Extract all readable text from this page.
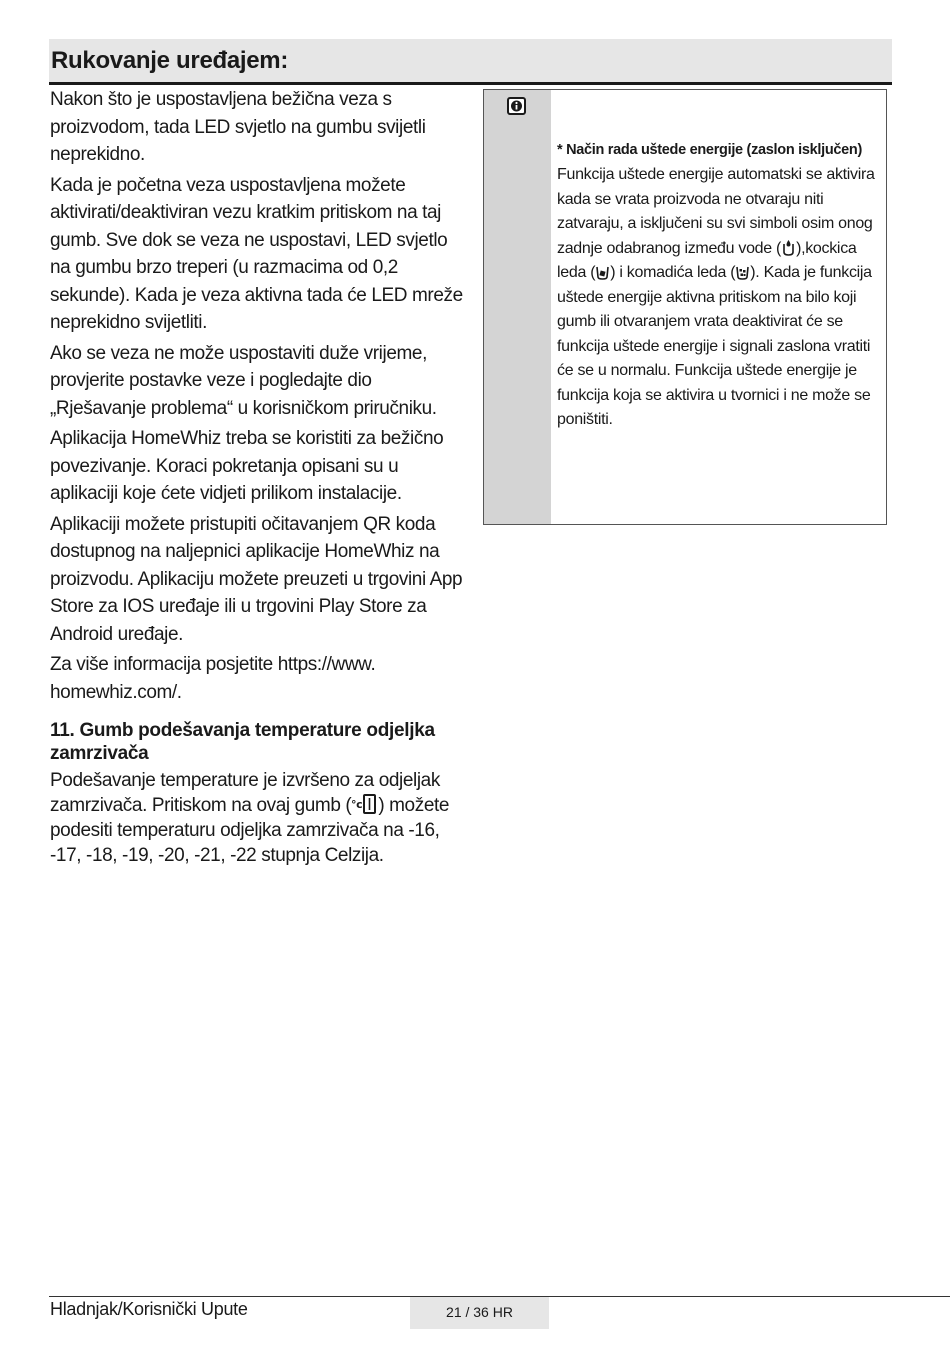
Rukovanje uređajem:

Nakon što je uspostavljena bežična veza s proizvodom, tada LED svjetlo na gumbu svijetli neprekidno.

Kada je početna veza uspostavljena možete aktivirati/deaktiviran vezu kratkim pritiskom na taj gumb. Sve dok se veza ne uspostavi, LED svjetlo na gumbu brzo treperi (u razmacima od 0,2 sekunde). Kada je veza aktivna tada će LED mreže neprekidno svijetliti.

Ako se veza ne može uspostaviti duže vrijeme, provjerite postavke veze i pogledajte dio „Rješavanje problema“ u korisničkom priručniku.

Aplikacija HomeWhiz treba se koristiti za bežično povezivanje. Koraci pokretanja opisani su u aplikaciji koje ćete vidjeti prilikom instalacije.

Aplikaciji možete pristupiti očitavanjem QR koda dostupnog na naljepnici aplikacije HomeWhiz na proizvodu. Aplikaciju možete preuzeti u trgovini App Store za IOS uređaje ili u trgovini Play Store za Android uređaje.

Za više informacija posjetite https://www. homewhiz.com/.

11. Gumb podešavanja temperature odjeljka zamrzivača

Podešavanje temperature je izvršeno za odjeljak zamrzivača. Pritiskom na ovaj gumb ( °c ) možete podesiti temperaturu odjeljka zamrzivača na -16, -17, -18, -19, -20, -21, -22 stupnja Celzija.

* Način rada uštede energije (zaslon isključen)

Funkcija uštede energije automatski se aktivira kada se vrata proizvoda ne otvaraju niti zatvaraju, a isključeni su svi simboli osim onog zadnje odabranog između vode ( ),kockica leda ( ) i komadića leda ( ). Kada je funkcija uštede energije aktivna pritiskom na bilo koji gumb ili otvaranjem vrata deaktivirat će se funkcija uštede energije i signali zaslona vratiti će se u normalu. Funkcija uštede energije je funkcija koja se aktivira u tvornici i ne može se poništiti.

Hladnjak/Korisnički Upute	21 / 36 HR
